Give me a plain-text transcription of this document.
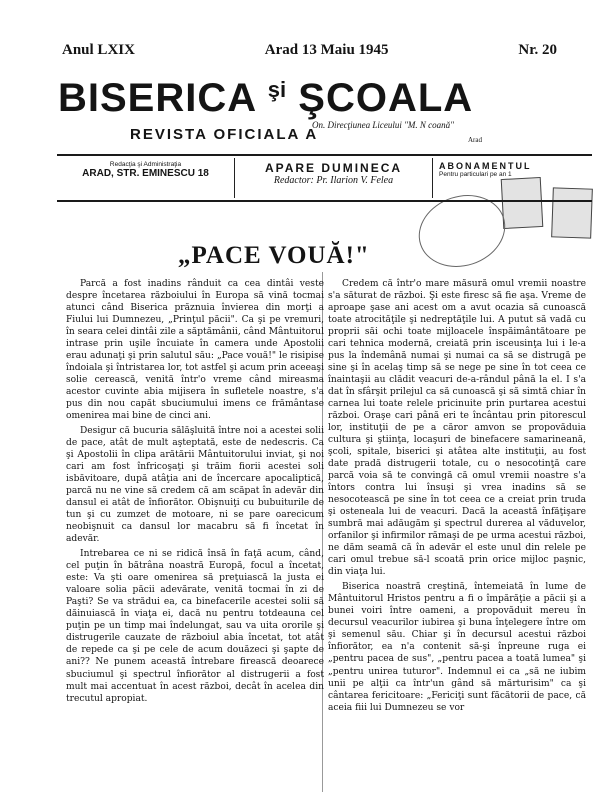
Anul LXIX	Arad 13 Maiu 1945	Nr. 20
BISERICA $^{şi}$ ŞCOALA
REVISTA OFICIALA A
On. Direcţiunea Liceului "M. N coană"
Arad
Redacţia şi Administraţia
ARAD, STR. EMINESCU 18	APARE DUMINECA
Redactor: Pr. Ilarion V. Felea
ABONAMENTUL
Pentru particulari pe an 1
„PACE VOUĂ!"

Parcă a fost inadins rânduit ca cea dintâi veste despre încetarea războiului în Europa să vină tocmai atunci când Biserica prăznuia învierea din morţi a Fiului lui Dumnezeu, „Prinţul păcii". Ca şi pe vremuri, în seara celei dintâi zile a săptămânii, când Mântuitorul intrase prin uşile încuiate în camera unde Apostolii erau adunaţi şi prin salutul său: „Pace vouă!" le risipise îndoiala şi întristarea lor, tot astfel şi acum prin aceeaşi solie cerească, venită într'o vreme când mireasma acestor cuvinte abia mijisera în sufletele noastre, s'a pus din nou capăt sbuciumului imens ce frământase omenirea mai bine de cinci ani.

Desigur că bucuria sălăşluită între noi a acestei solii de pace, atât de mult aşteptată, este de nedescris. Ca şi Apostolii în clipa arătării Mântuitorului inviat, şi noi cari am fost înfricoşaţi şi trăim fiorii acestei soli isbăvitoare, după atâţia ani de încercare apocaliptică, parcă nu ne vine să credem că am scăpat în adevăr din dansul ei atât de înfiorător. Obişnuiţi cu bubuiturile de tun şi cu zumzet de motoare, ni se pare oarecicum neobişnuit ca dansul lor macabru să fi încetat în adevăr.

Intrebarea ce ni se ridică însă în faţă acum, când, cel puţin în bătrâna noastră Europă, focul a încetat, este: Va şti oare omenirea să preţuiască la justa ei valoare solia păcii adevărate, venită tocmai în zi de Paşti? Se va strădui ea, ca binefacerile acestei solii să dăinuiască în viaţa ei, dacă nu pentru totdeauna cel puţin pe un timp mai îndelungat, sau va uita ororile şi distrugerile cauzate de războiul abia încetat, tot atât de repede ca şi pe cele de acum douăzeci şi şapte de ani?? Ne punem această întrebare firească deoarece sbuciumul şi spectrul înfiorător al distrugerii a fost mult mai accentuat în acest război, decât în acelea din trecutul apropiat.

Credem că într'o mare măsură omul vremii noastre s'a săturat de război. Şi este firesc să fie aşa. Vreme de aproape şase ani acest om a avut ocazia să cunoască toate atrocităţile şi nedreptăţile lui. A putut să vadă cu proprii săi ochi toate mijloacele înspăimântătoare pe cari tehnica modernă, creiată prin isceusinţa lui i le-a pus la îndemână numai şi numai ca să se distrugă pe sine şi în acelaş timp să se nege pe sine în tot ceea ce înaintaşii au clădit veacuri de-a-rândul până la el. I s'a dat în sfârşit prilejul ca să cunoască şi să simtă chiar în carnea lui toate relele pricinuite prin purtarea acestui război. Oraşe cari până eri te încântau prin pitorescul lor, instituţii de pe a căror amvon se propovăduia cultura şi ştiinţa, locaşuri de binefacere samarineană, şcoli, spitale, biserici şi atâtea alte instituţii, au fost date pradă distrugerii totale, cu o nesocotinţă care parcă voia să te convingă că omul vremii noastre s'a întors contra lui însuşi şi vrea inadins să se nesocotească pe sine în tot ceea ce a creiat prin truda şi osteneala lui de veacuri. Dacă la această înfăţişare sumbră mai adăugăm şi spectrul durerea al văduvelor, orfanilor şi infirmilor rămaşi de pe urma acestui război, ne dăm seamă că în adevăr el este unul din relele pe cari omul trebue să-l scoată prin orice mijloc paşnic, din viaţa lui.

Biserica noastră creştină, întemeiată în lume de Mântuitorul Hristos pentru a fi o împărăţie a păcii şi a bunei voiri între oameni, a propovăduit mereu în decursul veacurilor iubirea şi buna înţelegere între om şi semenul său. Chiar şi în decursul acestui război înfiorător, ea n'a contenit să-şi înpreune ruga ei „pentru pacea de sus", „pentru pacea a toată lumea" şi „pentru unirea tuturor". Indemnul ei ca „să ne iubim unii pe alţii ca într'un gând să mărturisim" ca şi cântarea fericitoare: „Fericiţi sunt făcătorii de pace, că aceia fiii lui Dumnezeu se vor
